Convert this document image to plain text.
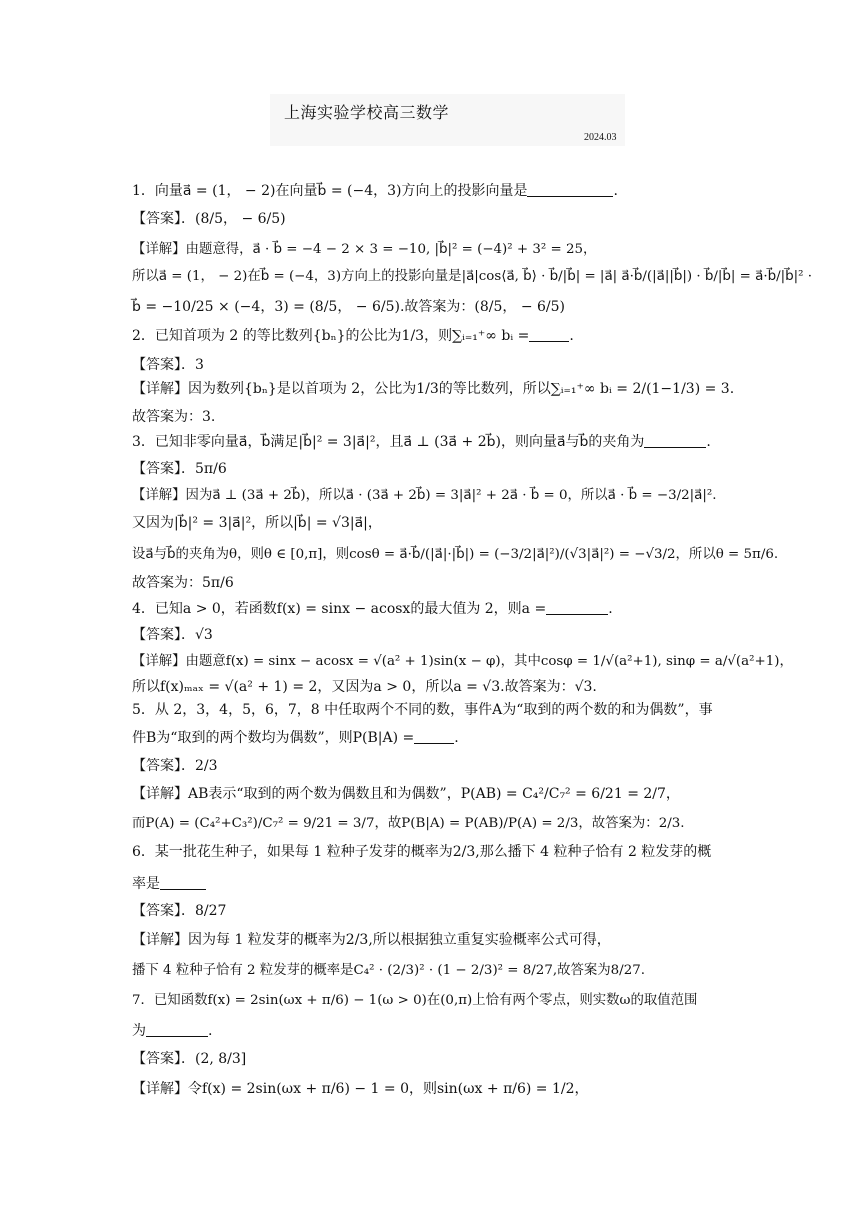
上海实验学校高三数学
2024.03
1．向量a⃗ = (1， − 2)在向量b⃗ = (−4，3)方向上的投影向量是	.
【答案】．(8/5， − 6/5)
【详解】由题意得，a⃗ · b⃗ = −4 − 2 × 3 = −10, |b⃗|² = (−4)² + 3² = 25，
所以a⃗ = (1， − 2)在b⃗ = (−4，3)方向上的投影向量是|a⃗|cos⟨a⃗, b⃗⟩ · b⃗/|b⃗| = |a⃗| a⃗·b⃗/(|a⃗||b⃗|) · b⃗/|b⃗| = a⃗·b⃗/|b⃗|² ·
b⃗ = −10/25 × (−4，3) = (8/5， − 6/5).故答案为：(8/5， − 6/5)
2．已知首项为 2 的等比数列{bₙ}的公比为1/3，则∑ᵢ₌₁⁺∞ bᵢ =	.
【答案】．3
【详解】因为数列{bₙ}是以首项为 2，公比为1/3的等比数列，所以∑ᵢ₌₁⁺∞ bᵢ = 2/(1−1/3) = 3.
故答案为：3.
3．已知非零向量a⃗，b⃗满足|b⃗|² = 3|a⃗|²，且a⃗ ⊥ (3a⃗ + 2b⃗)，则向量a⃗与b⃗的夹角为	.
【答案】．5π/6
【详解】因为a⃗ ⊥ (3a⃗ + 2b⃗)，所以a⃗ · (3a⃗ + 2b⃗) = 3|a⃗|² + 2a⃗ · b⃗ = 0，所以a⃗ · b⃗ = −3/2|a⃗|².
又因为|b⃗|² = 3|a⃗|²，所以|b⃗| = √3|a⃗|，
设a⃗与b⃗的夹角为θ，则θ ∈ [0,π]，则cosθ = a⃗·b⃗/(|a⃗|·|b⃗|) = (−3/2|a⃗|²)/(√3|a⃗|²) = −√3/2，所以θ = 5π/6.
故答案为：5π/6
4．已知a > 0，若函数f(x) = sinx − acosx的最大值为 2，则a =	.
【答案】．√3
【详解】由题意f(x) = sinx − acosx = √(a² + 1)sin(x − φ)，其中cosφ = 1/√(a²+1), sinφ = a/√(a²+1)，
所以f(x)ₘₐₓ = √(a² + 1) = 2，又因为a > 0，所以a = √3.故答案为：√3.
5．从 2，3，4，5，6，7，8 中任取两个不同的数，事件A为“取到的两个数的和为偶数”，事
件B为“取到的两个数均为偶数”，则P(B|A) =	.
【答案】．2/3
【详解】AB表示“取到的两个数为偶数且和为偶数”，P(AB) = C₄²/C₇² = 6/21 = 2/7，
而P(A) = (C₄²+C₃²)/C₇² = 9/21 = 3/7，故P(B|A) = P(AB)/P(A) = 2/3，故答案为：2/3.
6．某一批花生种子，如果每 1 粒种子发芽的概率为2/3,那么播下 4 粒种子恰有 2 粒发芽的概
率是
【答案】．8/27
【详解】因为每 1 粒发芽的概率为2/3,所以根据独立重复实验概率公式可得，
播下 4 粒种子恰有 2 粒发芽的概率是C₄² · (2/3)² · (1 − 2/3)² = 8/27,故答案为8/27.
7．已知函数f(x) = 2sin(ωx + π/6) − 1(ω > 0)在(0,π)上恰有两个零点，则实数ω的取值范围
为	.
【答案】．(2, 8/3]
【详解】令f(x) = 2sin(ωx + π/6) − 1 = 0，则sin(ωx + π/6) = 1/2，
